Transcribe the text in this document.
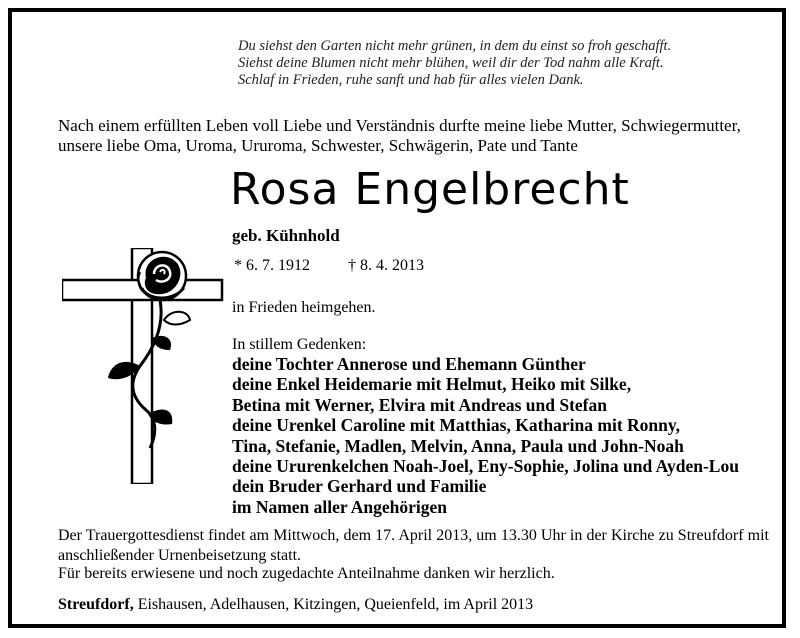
Du siehst den Garten nicht mehr grünen, in dem du einst so froh geschafft.
Siehst deine Blumen nicht mehr blühen, weil dir der Tod nahm alle Kraft.
Schlaf in Frieden, ruhe sanft und hab für alles vielen Dank.
Nach einem erfüllten Leben voll Liebe und Verständnis durfte meine liebe Mutter, Schwiegermutter,
unsere liebe Oma, Uroma, Ururoma, Schwester, Schwägerin, Pate und Tante
Rosa Engelbrecht
geb. Kühnhold
* 6. 7. 1912 † 8. 4. 2013
in Frieden heimgehen.
In stillem Gedenken:
deine Tochter Annerose und Ehemann Günther
deine Enkel Heidemarie mit Helmut, Heiko mit Silke,
Betina mit Werner, Elvira mit Andreas und Stefan
deine Urenkel Caroline mit Matthias, Katharina mit Ronny,
Tina, Stefanie, Madlen, Melvin, Anna, Paula und John-Noah
deine Ururenkelchen Noah-Joel, Eny-Sophie, Jolina und Ayden-Lou
dein Bruder Gerhard und Familie
im Namen aller Angehörigen
Der Trauergottesdienst findet am Mittwoch, dem 17. April 2013, um 13.30 Uhr in der Kirche zu Streufdorf mit anschließender Urnenbeisetzung statt.
Für bereits erwiesene und noch zugedachte Anteilnahme danken wir herzlich.
Streufdorf, Eishausen, Adelhausen, Kitzingen, Queienfeld, im April 2013
